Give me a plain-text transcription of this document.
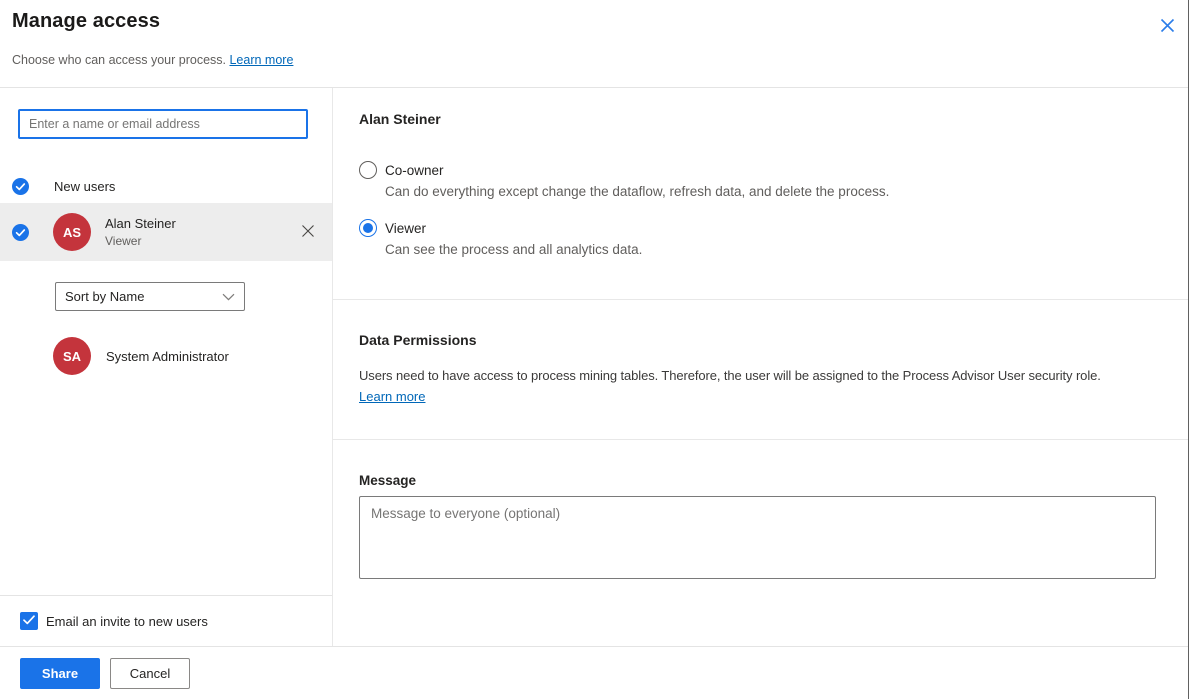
Manage access
Choose who can access your process. Learn more
Enter a name or email address
New users
AS
Alan Steiner
Viewer
Sort by Name
SA	System Administrator
Email an invite to new users
Alan Steiner
Co-owner
Can do everything except change the dataflow, refresh data, and delete the process.
Viewer
Can see the process and all analytics data.
Data Permissions
Users need to have access to process mining tables. Therefore, the user will be assigned to the Process Advisor User security role.
Learn more
Message
Message to everyone (optional)
Share	Cancel
